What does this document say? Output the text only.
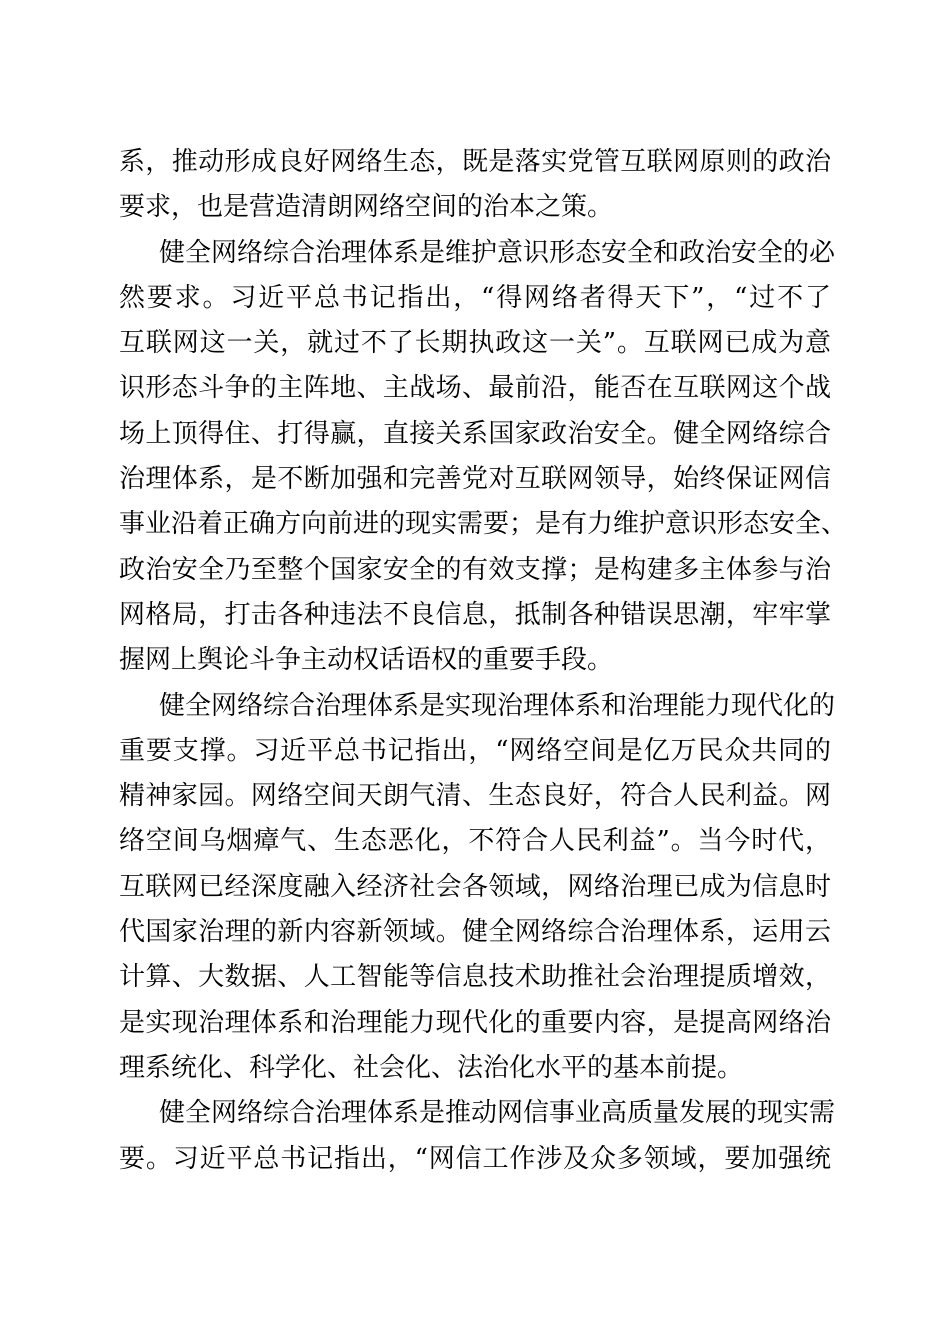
系，推动形成良好网络生态，既是落实党管互联网原则的政治
要求，也是营造清朗网络空间的治本之策。
健全网络综合治理体系是维护意识形态安全和政治安全的必
然要求。习近平总书记指出，“得网络者得天下”，“过不了
互联网这一关，就过不了长期执政这一关”。互联网已成为意
识形态斗争的主阵地、主战场、最前沿，能否在互联网这个战
场上顶得住、打得赢，直接关系国家政治安全。健全网络综合
治理体系，是不断加强和完善党对互联网领导，始终保证网信
事业沿着正确方向前进的现实需要；是有力维护意识形态安全、
政治安全乃至整个国家安全的有效支撑；是构建多主体参与治
网格局，打击各种违法不良信息，抵制各种错误思潮，牢牢掌
握网上舆论斗争主动权话语权的重要手段。
健全网络综合治理体系是实现治理体系和治理能力现代化的
重要支撑。习近平总书记指出，“网络空间是亿万民众共同的
精神家园。网络空间天朗气清、生态良好，符合人民利益。网
络空间乌烟瘴气、生态恶化，不符合人民利益”。当今时代，
互联网已经深度融入经济社会各领域，网络治理已成为信息时
代国家治理的新内容新领域。健全网络综合治理体系，运用云
计算、大数据、人工智能等信息技术助推社会治理提质增效，
是实现治理体系和治理能力现代化的重要内容，是提高网络治
理系统化、科学化、社会化、法治化水平的基本前提。
健全网络综合治理体系是推动网信事业高质量发展的现实需
要。习近平总书记指出，“网信工作涉及众多领域，要加强统
